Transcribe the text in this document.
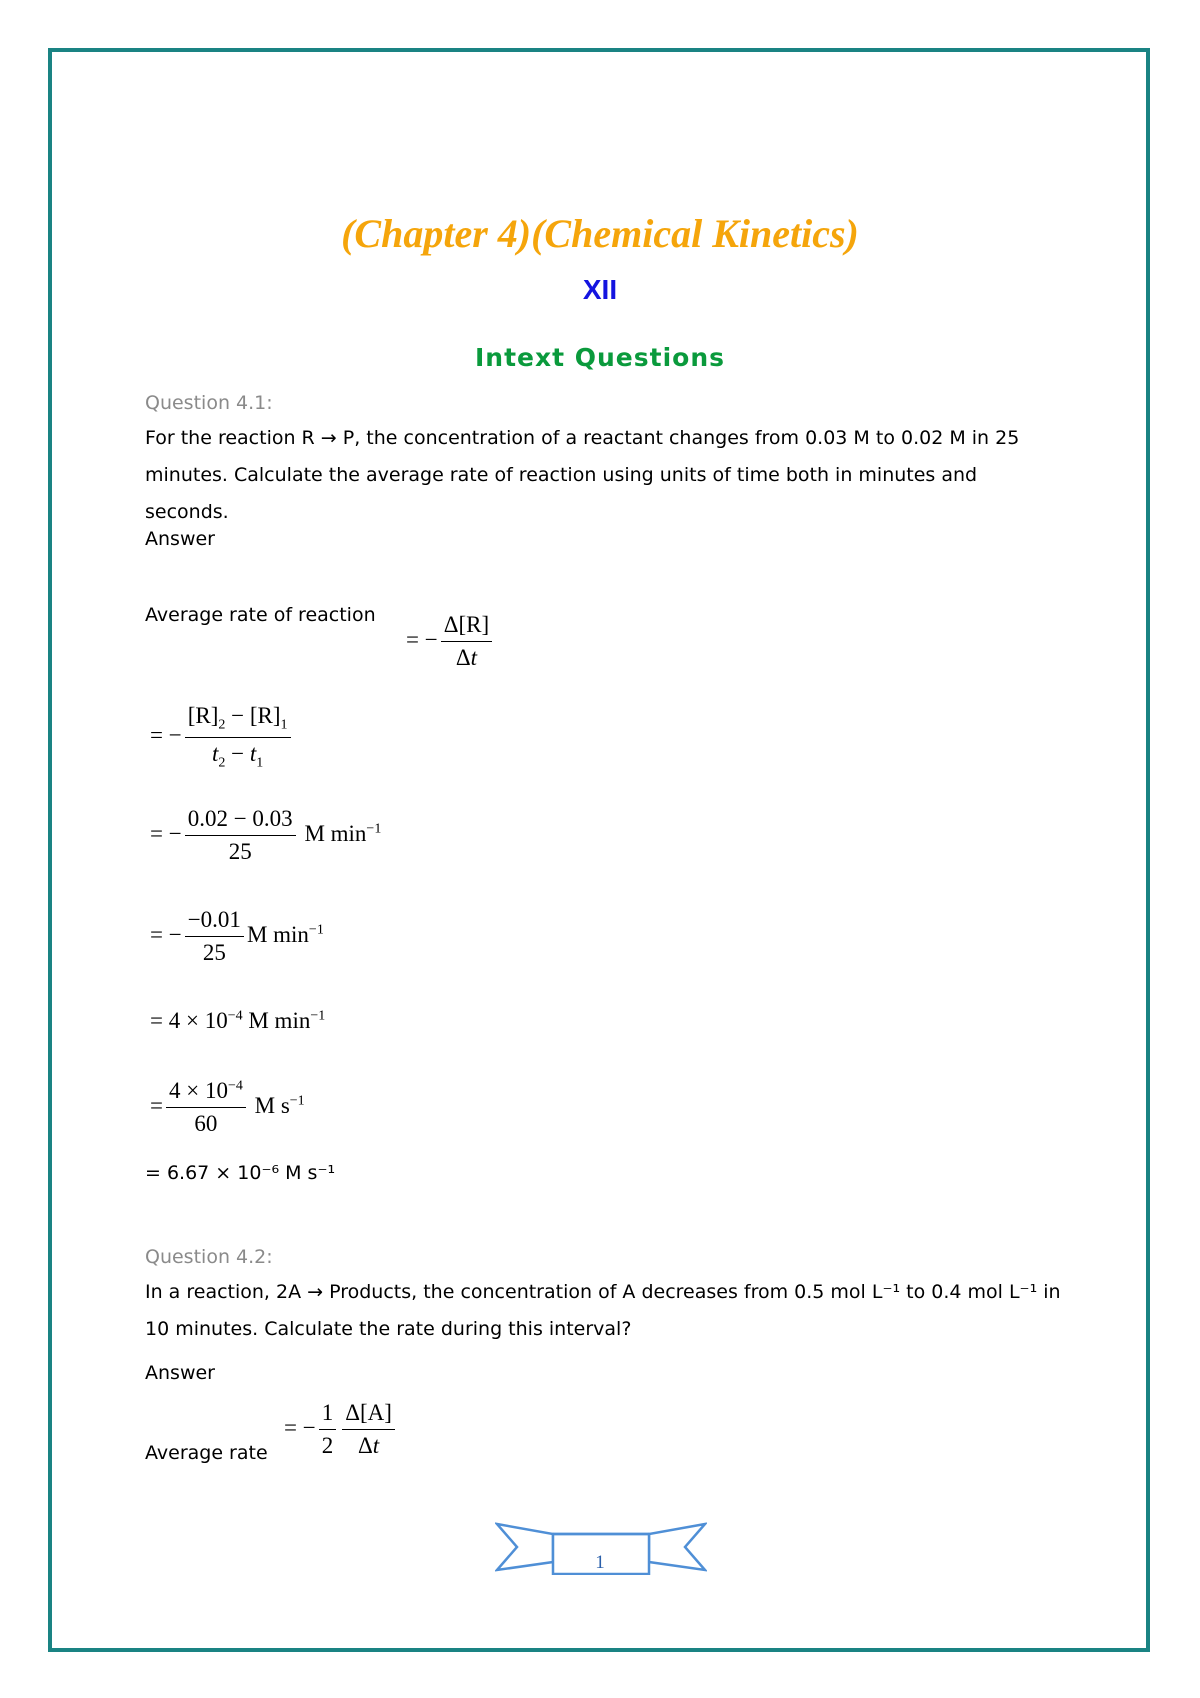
(Chapter 4)(Chemical Kinetics)
XII
Intext Questions
Question 4.1:
For the reaction R → P, the concentration of a reactant changes from 0.03 M to 0.02 M in 25 minutes. Calculate the average rate of reaction using units of time both in minutes and seconds.
Answer
Average rate of reaction
= − $\frac{\Delta[R]}{\Delta t}$
= − $\frac{[R]_2 - [R]_1}{t_2 - t_1}$
= − $\frac{0.02 - 0.03}{25}$ M $\min^{-1}$
= − $\frac{-0.01}{25}$ M $\min^{-1}$
= $4 \times 10^{-4}$ M $\min^{-1}$
= $\frac{4 \times 10^{-4}}{60}$ M $s^{-1}$
= 6.67 × 10⁻⁶ M s⁻¹
Question 4.2:
In a reaction, 2A → Products, the concentration of A decreases from 0.5 mol L⁻¹ to 0.4 mol L⁻¹ in 10 minutes. Calculate the rate during this interval?
Answer
Average rate
= − $\frac{1}{2} \frac{\Delta[A]}{\Delta t}$
1
